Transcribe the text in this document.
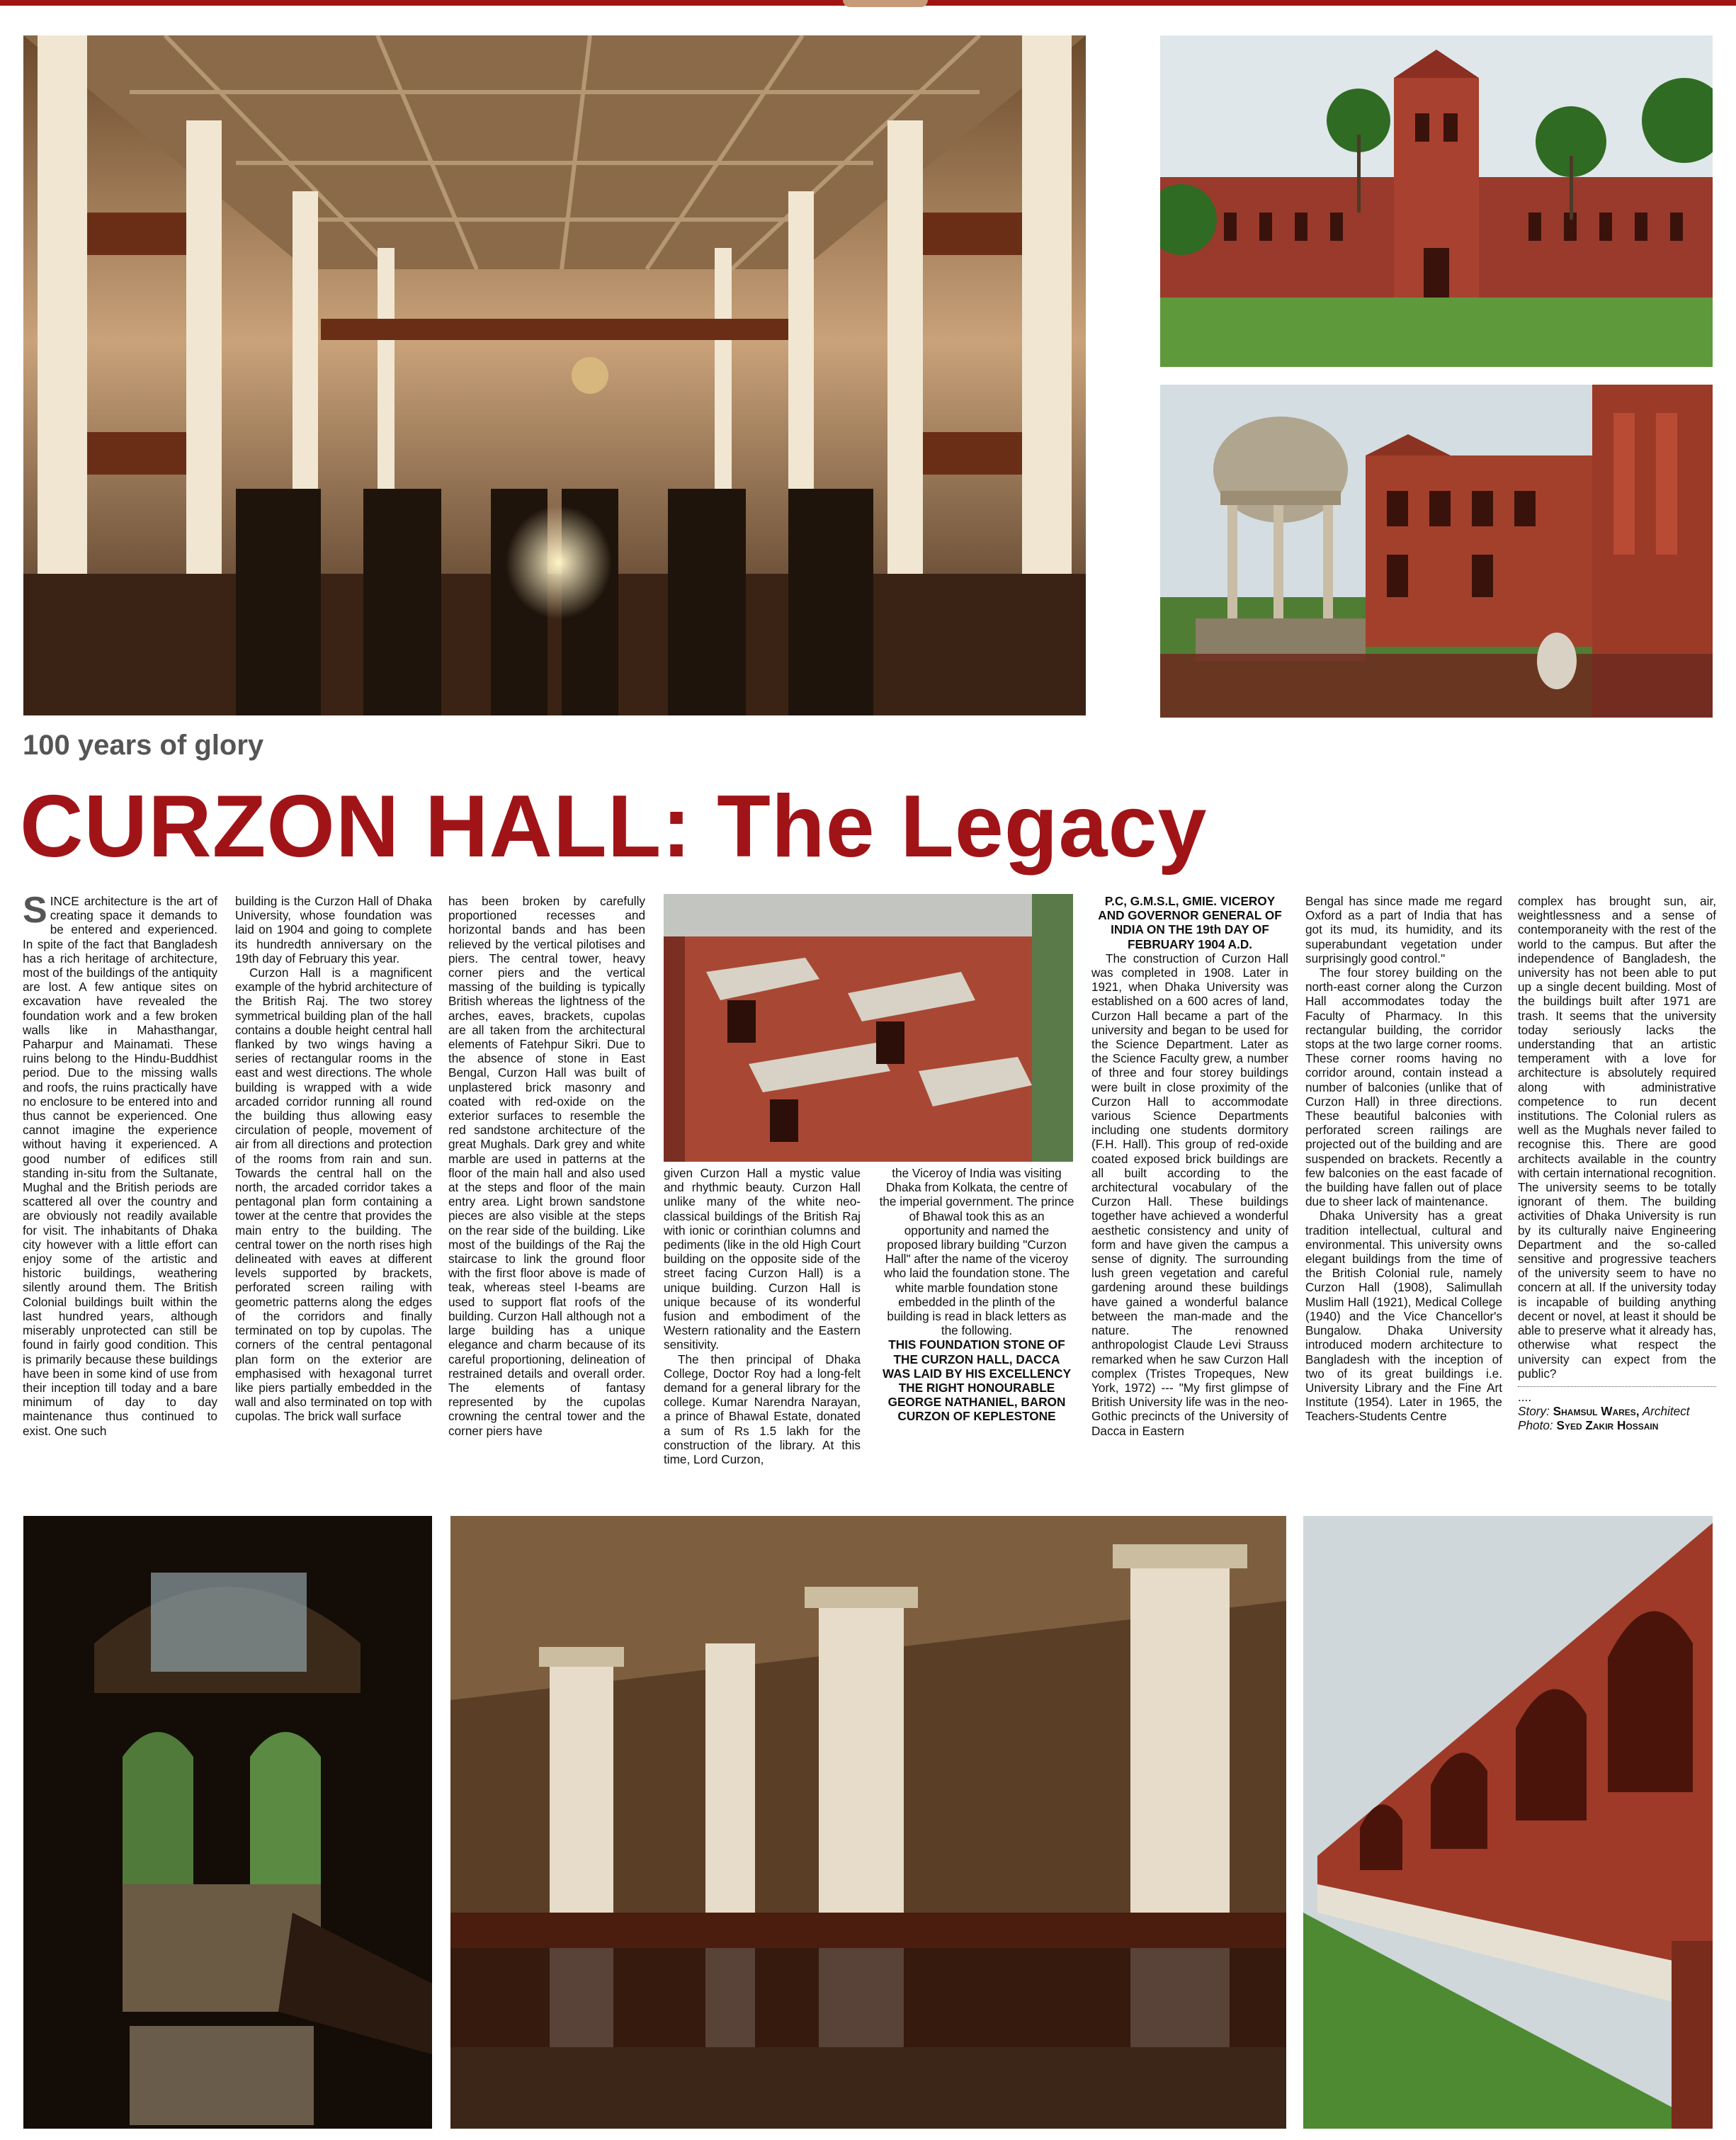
100 years of glory
CURZON HALL: The Legacy
SINCE architecture is the art of creating space it demands to be entered and experienced. In spite of the fact that Bangladesh has a rich heritage of architecture, most of the buildings of the antiquity are lost. A few antique sites on excavation have revealed the foundation work and a few broken walls like in Mahasthangar, Paharpur and Mainamati. These ruins belong to the Hindu-Buddhist period. Due to the missing walls and roofs, the ruins practically have no enclosure to be entered into and thus cannot be experienced. One cannot imagine the experience without having it experienced. A good number of edifices still standing in-situ from the Sultanate, Mughal and the British periods are scattered all over the country and are obviously not readily available for visit. The inhabitants of Dhaka city however with a little effort can enjoy some of the artistic and historic buildings, weathering silently around them. The British Colonial buildings built within the last hundred years, although miserably unprotected can still be found in fairly good condition. This is primarily because these buildings have been in some kind of use from their inception till today and a bare minimum of day to day maintenance thus continued to exist. One such

building is the Curzon Hall of Dhaka University, whose foundation was laid on 1904 and going to complete its hundredth anniversary on the 19th day of February this year.

Curzon Hall is a magnificent example of the hybrid architecture of the British Raj. The two storey symmetrical building plan of the hall contains a double height central hall flanked by two wings having a series of rectangular rooms in the east and west directions. The whole building is wrapped with a wide arcaded corridor running all round the building thus allowing easy circulation of people, movement of air from all directions and protection of the rooms from rain and sun. Towards the central hall on the north, the arcaded corridor takes a pentagonal plan form containing a tower at the centre that provides the main entry to the building. The central tower on the north rises high delineated with eaves at different levels supported by brackets, perforated screen railing with geometric patterns along the edges of the corridors and finally terminated on top by cupolas. The corners of the central pentagonal plan form on the exterior are emphasised with hexagonal turret like piers partially embedded in the wall and also terminated on top with cupolas. The brick wall surface

has been broken by carefully proportioned recesses and horizontal bands and has been relieved by the vertical pilotises and piers. The central tower, heavy corner piers and the vertical massing of the building is typically British whereas the lightness of the arches, eaves, brackets, cupolas are all taken from the architectural elements of Fatehpur Sikri. Due to the absence of stone in East Bengal, Curzon Hall was built of unplastered brick masonry and coated with red-oxide on the exterior surfaces to resemble the red sandstone architecture of the great Mughals. Dark grey and white marble are used in patterns at the floor of the main hall and also used at the steps and floor of the main entry area. Light brown sandstone pieces are also visible at the steps on the rear side of the building. Like most of the buildings of the Raj the staircase to link the ground floor with the first floor above is made of teak, whereas steel I-beams are used to support flat roofs of the building. Curzon Hall although not a large building has a unique elegance and charm because of its careful proportioning, delineation of restrained details and overall order. The elements of fantasy represented by the cupolas crowning the central tower and the corner piers have

given Curzon Hall a mystic value and rhythmic beauty. Curzon Hall unlike many of the white neo-classical buildings of the British Raj with ionic or corinthian columns and pediments (like in the old High Court building on the opposite side of the street facing Curzon Hall) is a unique building. Curzon Hall is unique because of its wonderful fusion and embodiment of the Western rationality and the Eastern sensitivity.

The then principal of Dhaka College, Doctor Roy had a long-felt demand for a general library for the college. Kumar Narendra Narayan, a prince of Bhawal Estate, donated a sum of Rs 1.5 lakh for the construction of the library. At this time, Lord Curzon,

the Viceroy of India was visiting Dhaka from Kolkata, the centre of the imperial government. The prince of Bhawal took this as an opportunity and named the proposed library building "Curzon Hall" after the name of the viceroy who laid the foundation stone. The white marble foundation stone embedded in the plinth of the building is read in black letters as the following.

THIS FOUNDATION STONE OF THE CURZON HALL, DACCA WAS LAID BY HIS EXCELLENCY THE RIGHT HONOURABLE GEORGE NATHANIEL, BARON CURZON OF KEPLESTONE

P.C, G.M.S.L, GMIE. VICEROY AND GOVERNOR GENERAL OF INDIA ON THE 19th DAY OF FEBRUARY 1904 A.D.

The construction of Curzon Hall was completed in 1908. Later in 1921, when Dhaka University was established on a 600 acres of land, Curzon Hall became a part of the university and began to be used for the Science Department. Later as the Science Faculty grew, a number of three and four storey buildings were built in close proximity of the Curzon Hall to accommodate various Science Departments including one students dormitory (F.H. Hall). This group of red-oxide coated exposed brick buildings are all built according to the architectural vocabulary of the Curzon Hall. These buildings together have achieved a wonderful aesthetic consistency and unity of form and have given the campus a sense of dignity. The surrounding lush green vegetation and careful gardening around these buildings have gained a wonderful balance between the man-made and the nature. The renowned anthropologist Claude Levi Strauss remarked when he saw Curzon Hall complex (Tristes Tropeques, New York, 1972) --- "My first glimpse of British University life was in the neo-Gothic precincts of the University of Dacca in Eastern

Bengal has since made me regard Oxford as a part of India that has got its mud, its humidity, and its superabundant vegetation under surprisingly good control."

The four storey building on the north-east corner along the Curzon Hall accommodates today the Faculty of Pharmacy. In this rectangular building, the corridor stops at the two large corner rooms. These corner rooms having no corridor around, contain instead a number of balconies (unlike that of Curzon Hall) in three directions. These beautiful balconies with perforated screen railings are projected out of the building and are suspended on brackets. Recently a few balconies on the east facade of the building have fallen out of place due to sheer lack of maintenance.

Dhaka University has a great tradition intellectual, cultural and environmental. This university owns elegant buildings from the time of the British Colonial rule, namely Curzon Hall (1908), Salimullah Muslim Hall (1921), Medical College (1940) and the Vice Chancellor's Bungalow. Dhaka University introduced modern architecture to Bangladesh with the inception of two of its great buildings i.e. University Library and the Fine Art Institute (1954). Later in 1965, the Teachers-Students Centre

complex has brought sun, air, weightlessness and a sense of contemporaneity with the rest of the world to the campus. But after the independence of Bangladesh, the university has not been able to put up a single decent building. Most of the buildings built after 1971 are trash. It seems that the university today seriously lacks the understanding that an artistic temperament with a love for architecture is absolutely required along with administrative competence to run decent institutions. The Colonial rulers as well as the Mughals never failed to recognise this. There are good architects available in the country with certain international recognition. The university seems to be totally ignorant of them. The building activities of Dhaka University is run by its culturally naive Engineering Department and the so-called sensitive and progressive teachers of the university seem to have no concern at all. If the university today is incapable of building anything decent or novel, at least it should be able to preserve what it already has, otherwise what respect the university can expect from the public?

....
Story: Shamsul Wares, Architect
Photo: Syed Zakir Hossain
